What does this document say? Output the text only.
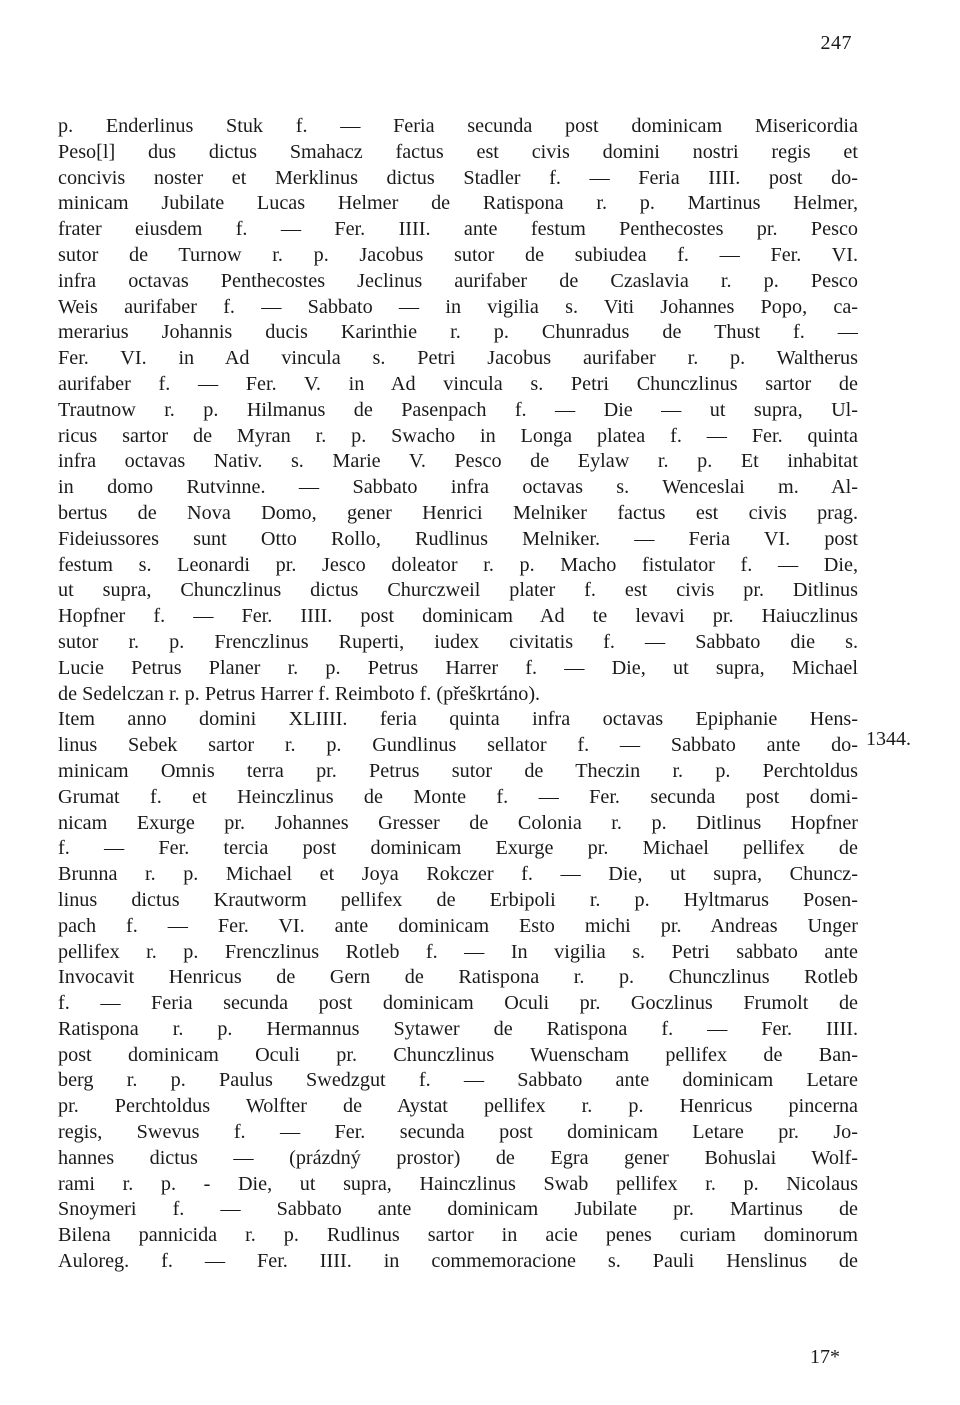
247
p. Enderlinus Stuk f. — Feria secunda post dominicam Misericordia
Peso[l] dus dictus Smahacz factus est civis domini nostri regis et
concivis noster et Merklinus dictus Stadler f. — Feria IIII. post do-
minicam Jubilate Lucas Helmer de Ratispona r. p. Martinus Helmer,
frater eiusdem f. — Fer. IIII. ante festum Penthecostes pr. Pesco
sutor de Turnow r. p. Jacobus sutor de subiudea f. — Fer. VI.
infra octavas Penthecostes Jeclinus aurifaber de Czaslavia r. p. Pesco
Weis aurifaber f. — Sabbato — in vigilia s. Viti Johannes Popo, ca-
merarius Johannis ducis Karinthie r. p. Chunradus de Thust f. —
Fer. VI. in Ad vincula s. Petri Jacobus aurifaber r. p. Waltherus
aurifaber f. — Fer. V. in Ad vincula s. Petri Chunczlinus sartor de
Trautnow r. p. Hilmanus de Pasenpach f. — Die — ut supra, Ul-
ricus sartor de Myran r. p. Swacho in Longa platea f. — Fer. quinta
infra octavas Nativ. s. Marie V. Pesco de Eylaw r. p. Et inhabitat
in domo Rutvinne. — Sabbato infra octavas s. Wenceslai m. Al-
bertus de Nova Domo, gener Henrici Melniker factus est civis prag.
Fideiussores sunt Otto Rollo, Rudlinus Melniker. — Feria VI. post
festum s. Leonardi pr. Jesco doleator r. p. Macho fistulator f. — Die,
ut supra, Chunczlinus dictus Churczweil plater f. est civis pr. Ditlinus
Hopfner f. — Fer. IIII. post dominicam Ad te levavi pr. Haiuczlinus
sutor r. p. Frenczlinus Ruperti, iudex civitatis f. — Sabbato die s.
Lucie Petrus Planer r. p. Petrus Harrer f. — Die, ut supra, Michael
de Sedelczan r. p. Petrus Harrer f. Reimboto f. (přeškrtáno).
Item anno domini XLIIII. feria quinta infra octavas Epiphanie Hens-
linus Sebek sartor r. p. Gundlinus sellator f. — Sabbato ante do-
minicam Omnis terra pr. Petrus sutor de Theczin r. p. Perchtoldus
Grumat f. et Heinczlinus de Monte f. — Fer. secunda post domi-
nicam Exurge pr. Johannes Gresser de Colonia r. p. Ditlinus Hopfner
f. — Fer. tercia post dominicam Exurge pr. Michael pellifex de
Brunna r. p. Michael et Joya Rokczer f. — Die, ut supra, Chuncz-
linus dictus Krautworm pellifex de Erbipoli r. p. Hyltmarus Posen-
pach f. — Fer. VI. ante dominicam Esto michi pr. Andreas Unger
pellifex r. p. Frenczlinus Rotleb f. — In vigilia s. Petri sabbato ante
Invocavit Henricus de Gern de Ratispona r. p. Chunczlinus Rotleb
f. — Feria secunda post dominicam Oculi pr. Goczlinus Frumolt de
Ratispona r. p. Hermannus Sytawer de Ratispona f. — Fer. IIII.
post dominicam Oculi pr. Chunczlinus Wuenscham pellifex de Ban-
berg r. p. Paulus Swedzgut f. — Sabbato ante dominicam Letare
pr. Perchtoldus Wolfter de Aystat pellifex r. p. Henricus pincerna
regis, Swevus f. — Fer. secunda post dominicam Letare pr. Jo-
hannes dictus — (prázdný prostor) de Egra gener Bohuslai Wolf-
rami r. p. - Die, ut supra, Hainczlinus Swab pellifex r. p. Nicolaus
Snoymeri f. — Sabbato ante dominicam Jubilate pr. Martinus de
Bilena pannicida r. p. Rudlinus sartor in acie penes curiam dominorum
Auloreg. f. — Fer. IIII. in commemoracione s. Pauli Henslinus de
1344.
17*
